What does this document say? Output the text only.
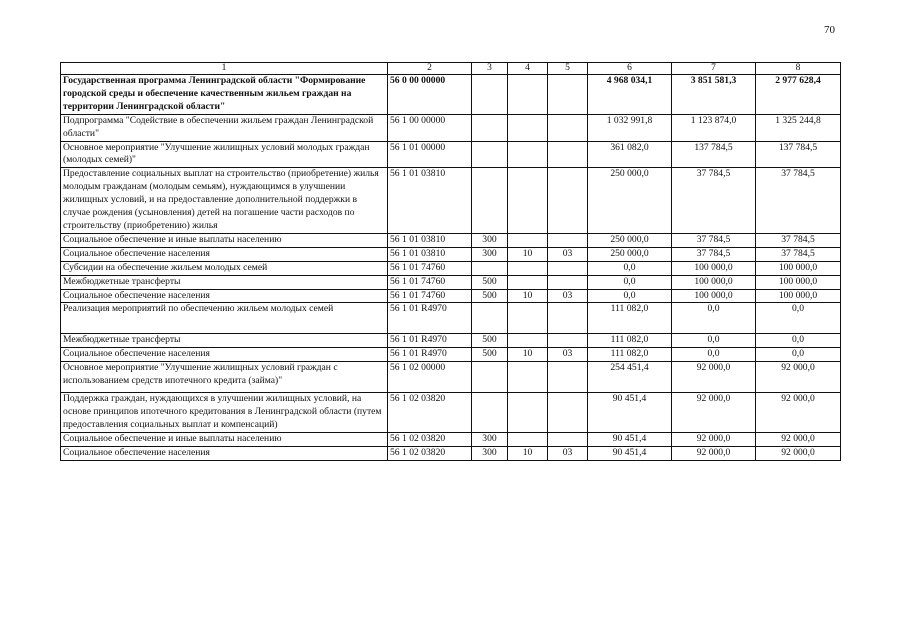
70
1	2	3	4	5	6	7	8
Государственная программа Ленинградской области "Формирование городской среды и обеспечение качественным жильем граждан на территории Ленинградской области"	56 0 00 00000				4 968 034,1	3 851 581,3	2 977 628,4
Подпрограмма "Содействие в обеспечении жильем граждан Ленинградской области"	56 1 00 00000				1 032 991,8	1 123 874,0	1 325 244,8
Основное мероприятие "Улучшение жилищных условий молодых граждан (молодых семей)"	56 1 01 00000				361 082,0	137 784,5	137 784,5
Предоставление социальных выплат на строительство (приобретение) жилья молодым гражданам (молодым семьям), нуждающимся в улучшении жилищных условий, и на предоставление дополнительной поддержки в случае рождения (усыновления) детей на погашение части расходов по строительству (приобретению) жилья	56 1 01 03810				250 000,0	37 784,5	37 784,5
Социальное обеспечение и иные выплаты населению	56 1 01 03810	300			250 000,0	37 784,5	37 784,5
Социальное обеспечение населения	56 1 01 03810	300	10	03	250 000,0	37 784,5	37 784,5
Субсидии на обеспечение жильем молодых семей	56 1 01 74760				0,0	100 000,0	100 000,0
Межбюджетные трансферты	56 1 01 74760	500			0,0	100 000,0	100 000,0
Социальное обеспечение населения	56 1 01 74760	500	10	03	0,0	100 000,0	100 000,0
Реализация мероприятий по обеспечению жильем молодых семей	56 1 01 R4970				111 082,0	0,0	0,0
Межбюджетные трансферты	56 1 01 R4970	500			111 082,0	0,0	0,0
Социальное обеспечение населения	56 1 01 R4970	500	10	03	111 082,0	0,0	0,0
Основное мероприятие "Улучшение жилищных условий граждан с использованием средств ипотечного кредита (займа)"	56 1 02 00000				254 451,4	92 000,0	92 000,0
Поддержка граждан, нуждающихся в улучшении жилищных условий, на основе принципов ипотечного кредитования в Ленинградской области (путем предоставления социальных выплат и компенсаций)	56 1 02 03820				90 451,4	92 000,0	92 000,0
Социальное обеспечение и иные выплаты населению	56 1 02 03820	300			90 451,4	92 000,0	92 000,0
Социальное обеспечение населения	56 1 02 03820	300	10	03	90 451,4	92 000,0	92 000,0
